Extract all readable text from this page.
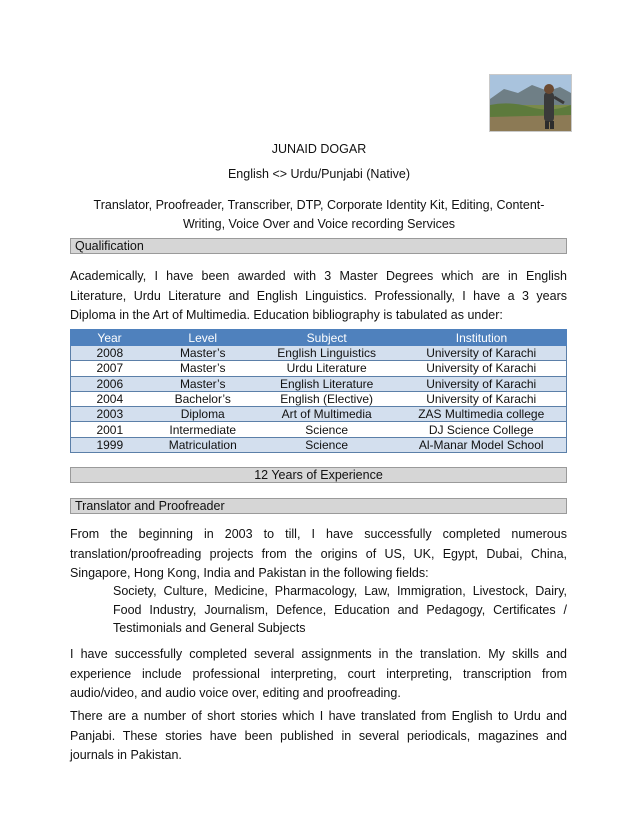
JUNAID DOGAR
English <> Urdu/Punjabi (Native)
Translator, Proofreader, Transcriber, DTP, Corporate Identity Kit, Editing, Content-Writing, Voice Over and Voice recording Services
Qualification

Academically, I have been awarded with 3 Master Degrees which are in English Literature, Urdu Literature and English Linguistics. Professionally, I have a 3 years Diploma in the Art of Multimedia. Education bibliography is tabulated as under:

Year	Level	Subject	Institution
2008	Master’s	English Linguistics	University of Karachi
2007	Master’s	Urdu Literature	University of Karachi
2006	Master’s	English Literature	University of Karachi
2004	Bachelor’s	English (Elective)	University of Karachi
2003	Diploma	Art of Multimedia	ZAS Multimedia college
2001	Intermediate	Science	DJ Science College
1999	Matriculation	Science	Al-Manar Model School
12 Years of Experience
Translator and Proofreader

From the beginning in 2003 to till, I have successfully completed numerous translation/proofreading projects from the origins of US, UK, Egypt, Dubai, China, Singapore, Hong Kong, India and Pakistan in the following fields:

Society, Culture, Medicine, Pharmacology, Law, Immigration, Livestock, Dairy, Food Industry, Journalism, Defence, Education and Pedagogy, Certificates / Testimonials and General Subjects

I have successfully completed several assignments in the translation. My skills and experience include professional interpreting, court interpreting, transcription from audio/video, and audio voice over, editing and proofreading.

There are a number of short stories which I have translated from English to Urdu and Panjabi. These stories have been published in several periodicals, magazines and journals in Pakistan.
